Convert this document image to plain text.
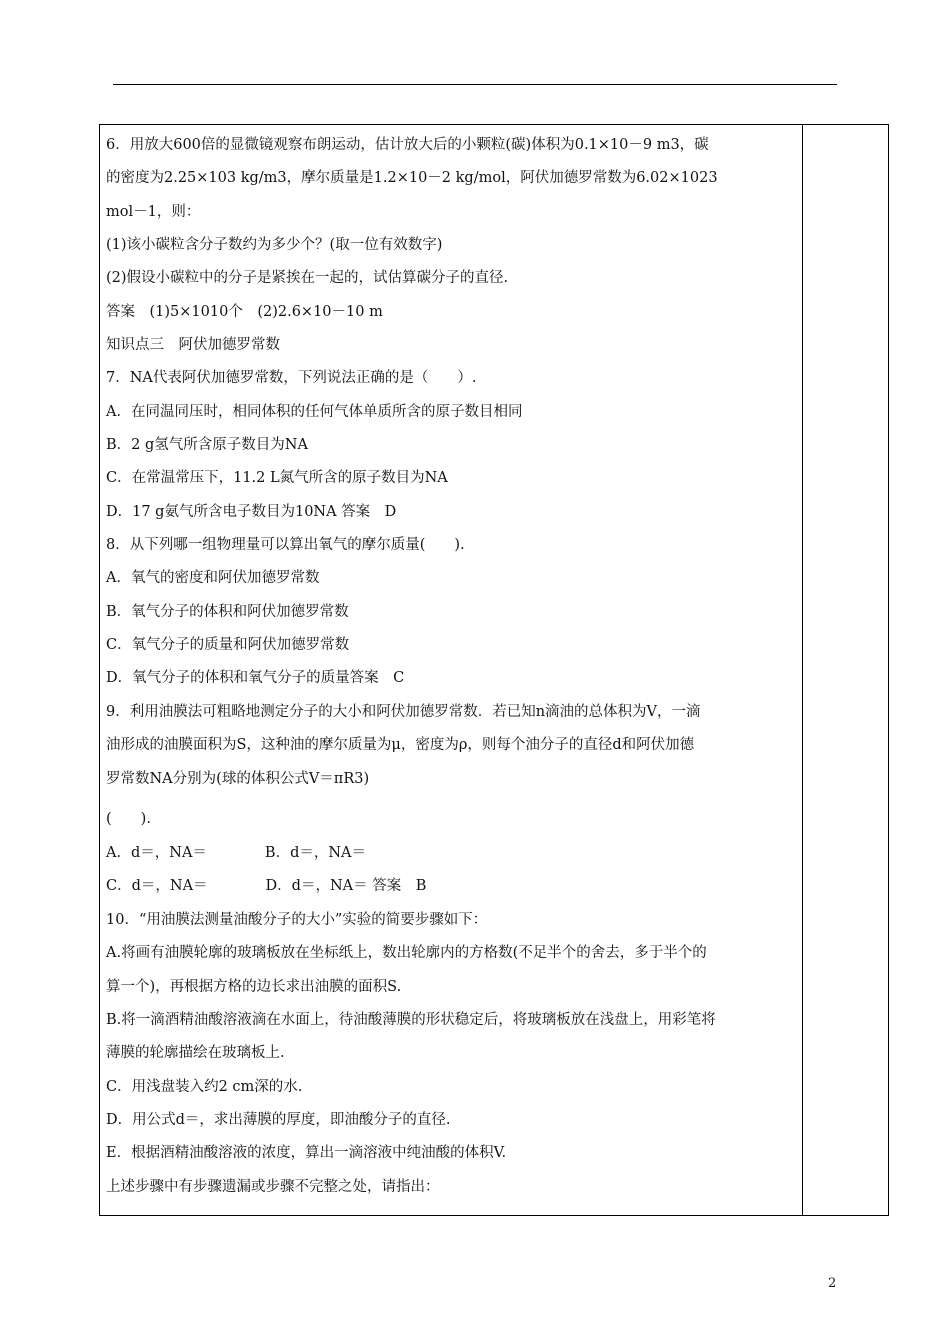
6．用放大600倍的显微镜观察布朗运动，估计放大后的小颗粒(碳)体积为0.1×10－9 m3，碳
的密度为2.25×103 kg/m3，摩尔质量是1.2×10－2 kg/mol，阿伏加德罗常数为6.02×1023
mol－1，则：
(1)该小碳粒含分子数约为多少个？(取一位有效数字)
(2)假设小碳粒中的分子是紧挨在一起的，试估算碳分子的直径.
答案　(1)5×1010个　(2)2.6×10－10 m
知识点三　阿伏加德罗常数
7．NA代表阿伏加德罗常数，下列说法正确的是（　　）.
A．在同温同压时，相同体积的任何气体单质所含的原子数目相同
B．2 g氢气所含原子数目为NA
C．在常温常压下，11.2 L氮气所含的原子数目为NA
D．17 g氨气所含电子数目为10NA 答案　D
8．从下列哪一组物理量可以算出氧气的摩尔质量(　　).
A．氧气的密度和阿伏加德罗常数
B．氧气分子的体积和阿伏加德罗常数
C．氧气分子的质量和阿伏加德罗常数
D．氧气分子的体积和氧气分子的质量答案　C
9．利用油膜法可粗略地测定分子的大小和阿伏加德罗常数．若已知n滴油的总体积为V，一滴
油形成的油膜面积为S，这种油的摩尔质量为μ，密度为ρ，则每个油分子的直径d和阿伏加德
罗常数NA分别为(球的体积公式V＝πR3)
(　　).
A．d＝，NA＝　　　　B．d＝，NA＝
C．d＝，NA＝　　　　D．d＝，NA＝ 答案　B
10．“用油膜法测量油酸分子的大小”实验的简要步骤如下：
A.将画有油膜轮廓的玻璃板放在坐标纸上，数出轮廓内的方格数(不足半个的舍去，多于半个的
算一个)，再根据方格的边长求出油膜的面积S.
B.将一滴酒精油酸溶液滴在水面上，待油酸薄膜的形状稳定后，将玻璃板放在浅盘上，用彩笔将
薄膜的轮廓描绘在玻璃板上.
C．用浅盘装入约2 cm深的水.
D．用公式d＝，求出薄膜的厚度，即油酸分子的直径.
E．根据酒精油酸溶液的浓度，算出一滴溶液中纯油酸的体积V.
上述步骤中有步骤遗漏或步骤不完整之处，请指出：
2
